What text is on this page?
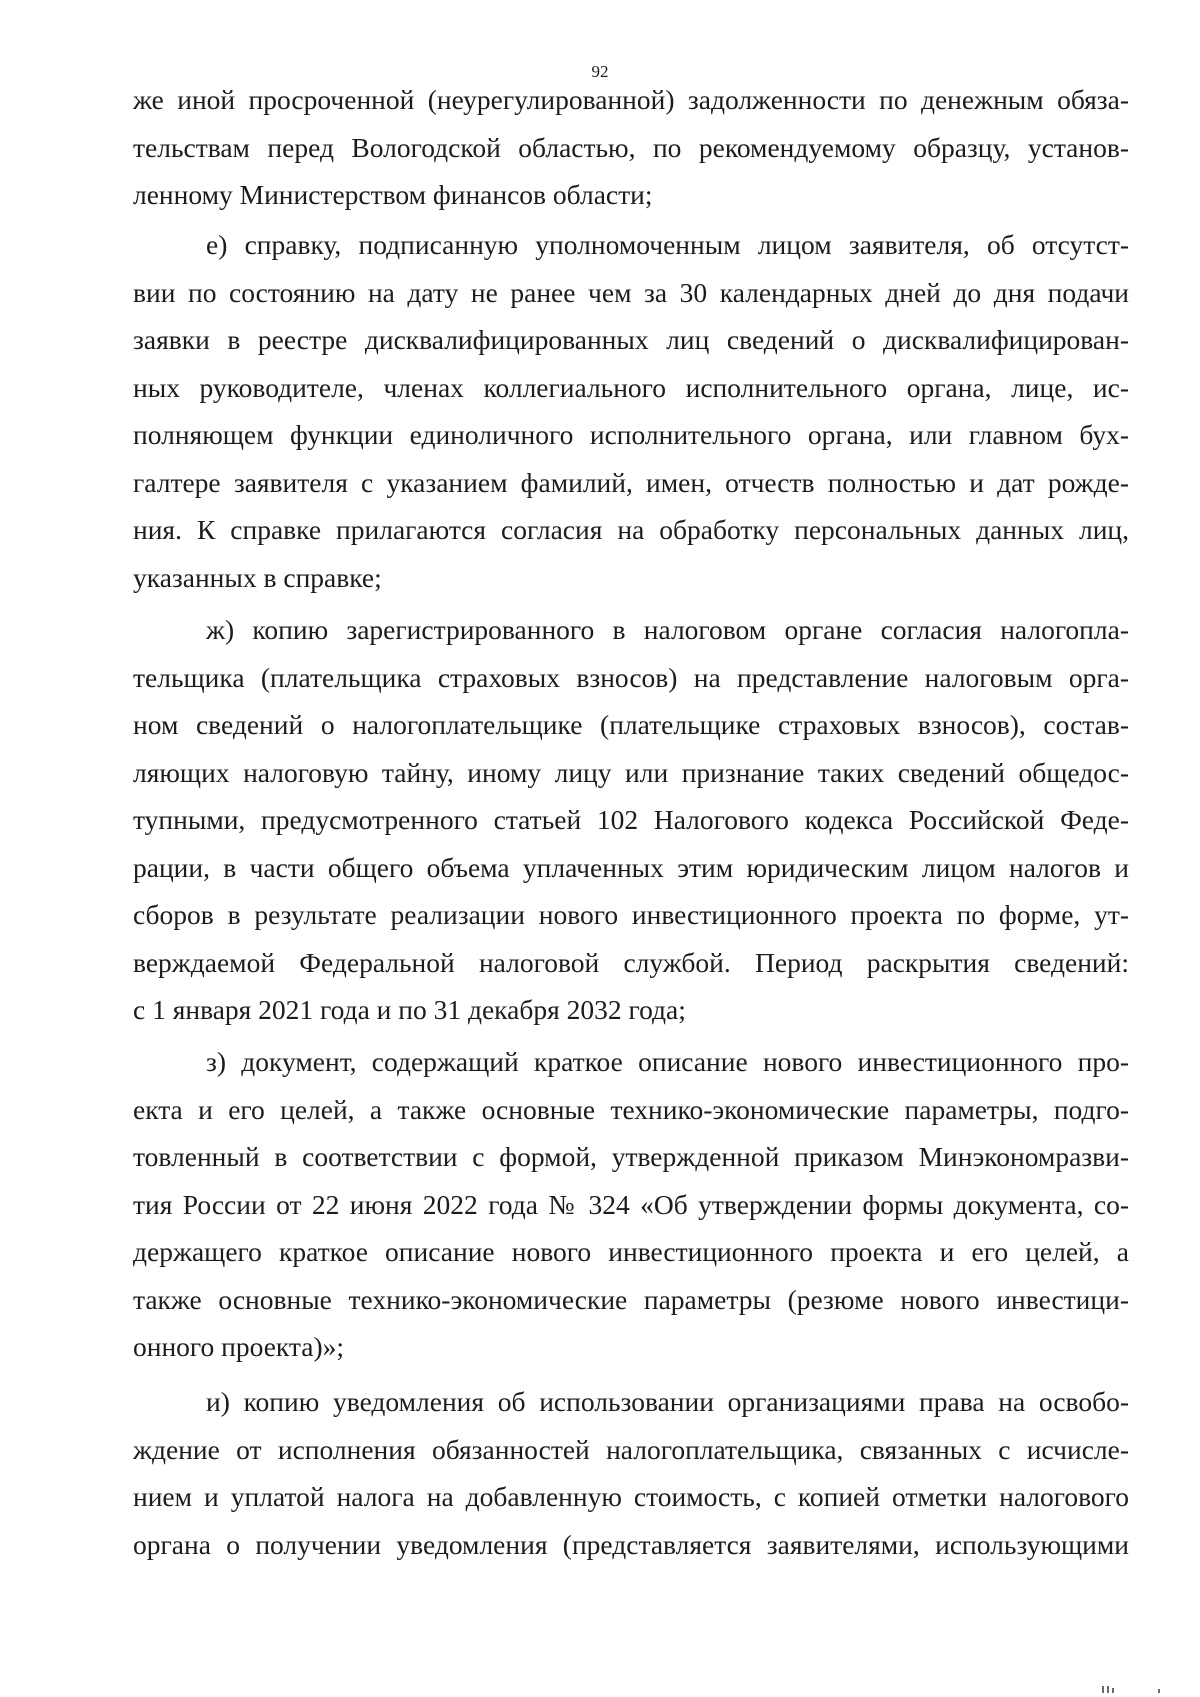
92
же иной просроченной (неурегулированной) задолженности по денежным обяза-
тельствам перед Вологодской областью, по рекомендуемому образцу, установ-
ленному Министерством финансов области;
е) справку, подписанную уполномоченным лицом заявителя, об отсутст-
вии по состоянию на дату не ранее чем за 30 календарных дней до дня подачи
заявки в реестре дисквалифицированных лиц сведений о дисквалифицирован-
ных руководителе, членах коллегиального исполнительного органа, лице, ис-
полняющем функции единоличного исполнительного органа, или главном бух-
галтере заявителя с указанием фамилий, имен, отчеств полностью и дат рожде-
ния. К справке прилагаются согласия на обработку персональных данных лиц,
указанных в справке;
ж) копию зарегистрированного в налоговом органе согласия налогопла-
тельщика (плательщика страховых взносов) на представление налоговым орга-
ном сведений о налогоплательщике (плательщике страховых взносов), состав-
ляющих налоговую тайну, иному лицу или признание таких сведений общедос-
тупными, предусмотренного статьей 102 Налогового кодекса Российской Феде-
рации, в части общего объема уплаченных этим юридическим лицом налогов и
сборов в результате реализации нового инвестиционного проекта по форме, ут-
верждаемой Федеральной налоговой службой. Период раскрытия сведений:
с 1 января 2021 года и по 31 декабря 2032 года;
з) документ, содержащий краткое описание нового инвестиционного про-
екта и его целей, а также основные технико-экономические параметры, подго-
товленный в соответствии с формой, утвержденной приказом Минэкономразви-
тия России от 22 июня 2022 года № 324 «Об утверждении формы документа, со-
держащего краткое описание нового инвестиционного проекта и его целей, а
также основные технико-экономические параметры (резюме нового инвестици-
онного проекта)»;
и) копию уведомления об использовании организациями права на освобо-
ждение от исполнения обязанностей налогоплательщика, связанных с исчисле-
нием и уплатой налога на добавленную стоимость, с копией отметки налогового
органа о получении уведомления (представляется заявителями, использующими
